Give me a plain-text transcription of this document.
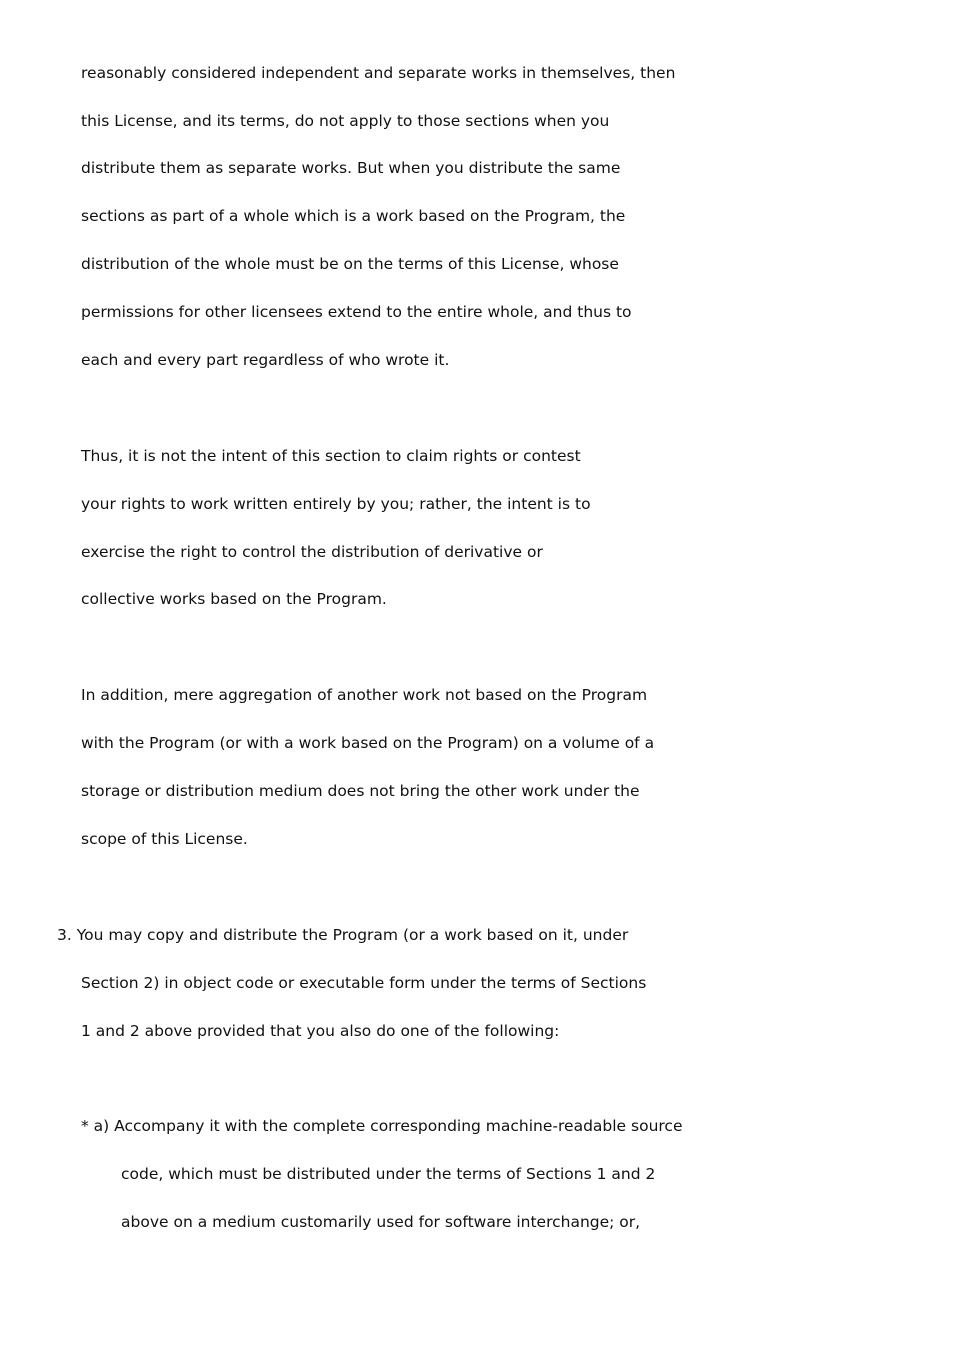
reasonably considered independent and separate works in themselves, then
this License, and its terms, do not apply to those sections when you
distribute them as separate works. But when you distribute the same
sections as part of a whole which is a work based on the Program, the
distribution of the whole must be on the terms of this License, whose
permissions for other licensees extend to the entire whole, and thus to
each and every part regardless of who wrote it.
Thus, it is not the intent of this section to claim rights or contest
your rights to work written entirely by you; rather, the intent is to
exercise the right to control the distribution of derivative or
collective works based on the Program.
In addition, mere aggregation of another work not based on the Program
with the Program (or with a work based on the Program) on a volume of a
storage or distribution medium does not bring the other work under the
scope of this License.
3. You may copy and distribute the Program (or a work based on it, under
Section 2) in object code or executable form under the terms of Sections
1 and 2 above provided that you also do one of the following:
* a) Accompany it with the complete corresponding machine-readable source
code, which must be distributed under the terms of Sections 1 and 2
above on a medium customarily used for software interchange; or,
